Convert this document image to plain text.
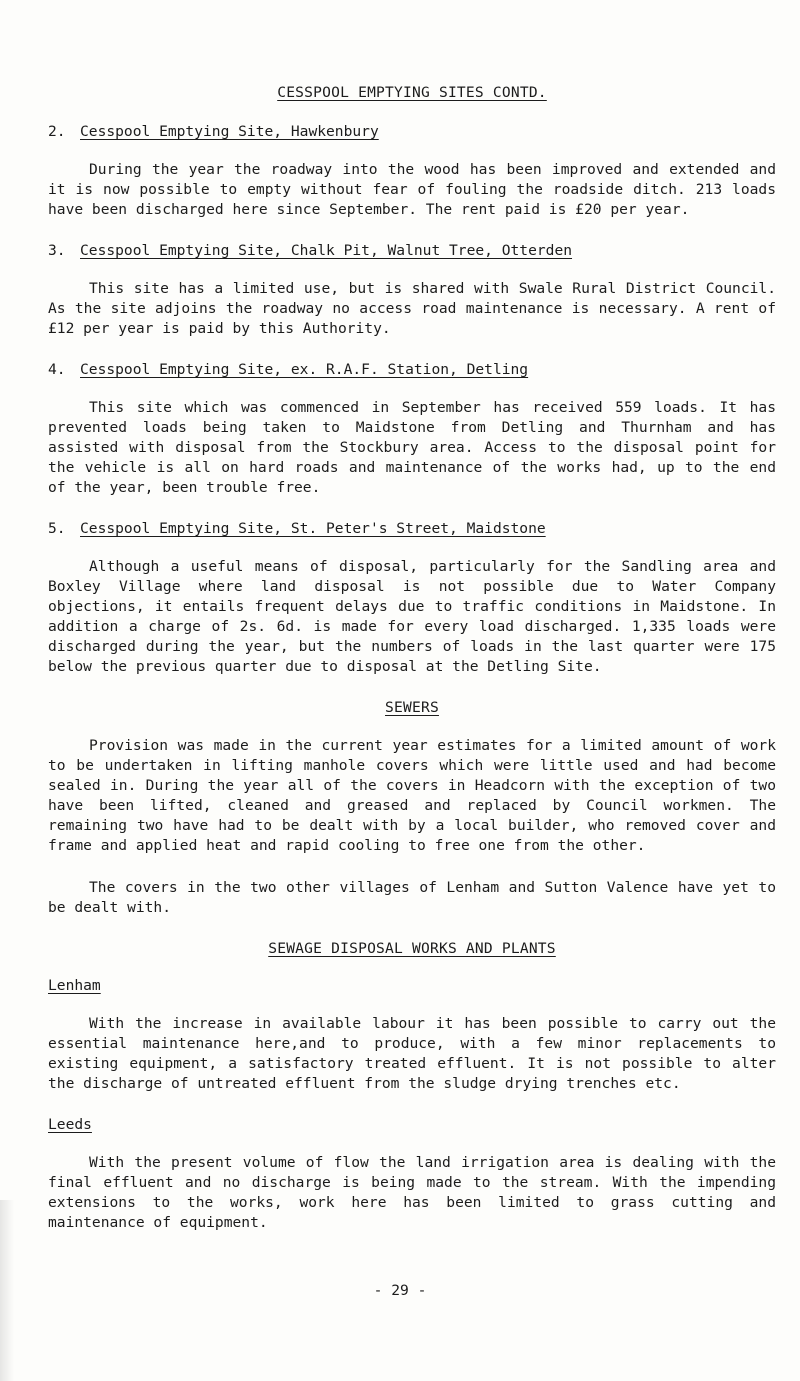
CESSPOOL EMPTYING SITES CONTD.
2. Cesspool Emptying Site, Hawkenbury

During the year the roadway into the wood has been improved and extended and it is now possible to empty without fear of fouling the roadside ditch. 213 loads have been discharged here since September. The rent paid is £20 per year.

3. Cesspool Emptying Site, Chalk Pit, Walnut Tree, Otterden

This site has a limited use, but is shared with Swale Rural District Council. As the site adjoins the roadway no access road maintenance is necessary. A rent of £12 per year is paid by this Authority.

4. Cesspool Emptying Site, ex. R.A.F. Station, Detling

This site which was commenced in September has received 559 loads. It has prevented loads being taken to Maidstone from Detling and Thurnham and has assisted with disposal from the Stockbury area. Access to the disposal point for the vehicle is all on hard roads and maintenance of the works had, up to the end of the year, been trouble free.

5. Cesspool Emptying Site, St. Peter's Street, Maidstone

Although a useful means of disposal, particularly for the Sandling area and Boxley Village where land disposal is not possible due to Water Company objections, it entails frequent delays due to traffic conditions in Maidstone. In addition a charge of 2s. 6d. is made for every load discharged. 1,335 loads were discharged during the year, but the numbers of loads in the last quarter were 175 below the previous quarter due to disposal at the Detling Site.

SEWERS

Provision was made in the current year estimates for a limited amount of work to be undertaken in lifting manhole covers which were little used and had become sealed in. During the year all of the covers in Headcorn with the exception of two have been lifted, cleaned and greased and replaced by Council workmen. The remaining two have had to be dealt with by a local builder, who removed cover and frame and applied heat and rapid cooling to free one from the other.

The covers in the two other villages of Lenham and Sutton Valence have yet to be dealt with.

SEWAGE DISPOSAL WORKS AND PLANTS
Lenham

With the increase in available labour it has been possible to carry out the essential maintenance here,and to produce, with a few minor replacements to existing equipment, a satisfactory treated effluent. It is not possible to alter the discharge of untreated effluent from the sludge drying trenches etc.

Leeds

With the present volume of flow the land irrigation area is dealing with the final effluent and no discharge is being made to the stream. With the impending extensions to the works, work here has been limited to grass cutting and maintenance of equipment.

- 29 -
